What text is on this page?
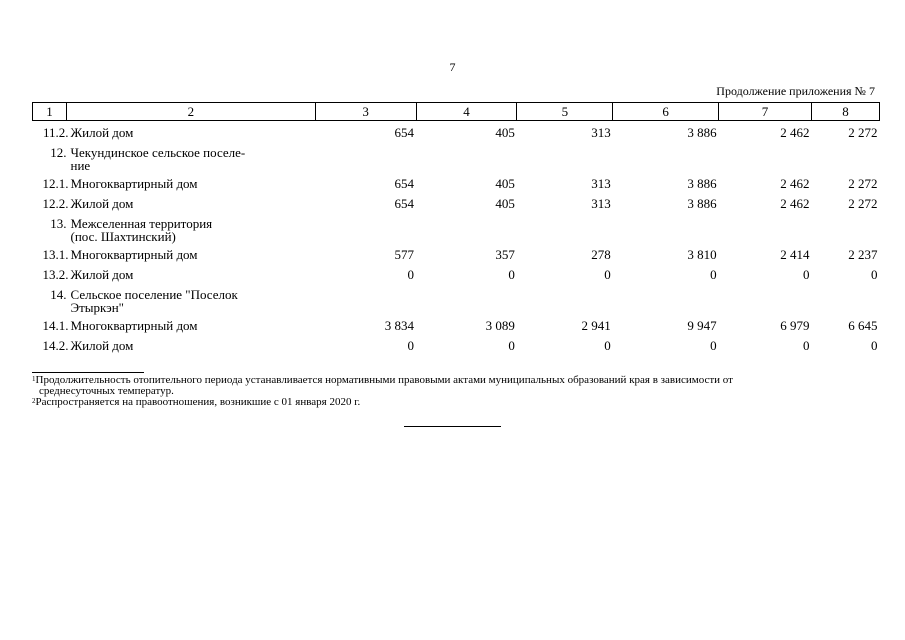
7
Продолжение приложения № 7
1	2	3	4	5	6	7	8
11.2. Жилой дом		654	405	313	3 886	2 462	2 272
12. Чекундинское сельское поселе-
ние							
12.1. Многоквартирный дом		654	405	313	3 886	2 462	2 272
12.2. Жилой дом		654	405	313	3 886	2 462	2 272
13. Межселенная территория
(пос. Шахтинский)							
13.1. Многоквартирный дом		577	357	278	3 810	2 414	2 237
13.2. Жилой дом		0	0	0	0	0	0
14. Сельское поселение "Поселок
Этыркэн"							
14.1. Многоквартирный дом		3 834	3 089	2 941	9 947	6 979	6 645
14.2. Жилой дом		0	0	0	0	0	0
$^1$Продолжительность отопительного периода устанавливается нормативными правовыми актами муниципальных образований края в зависимости от
среднесуточных температур.
$^2$Распространяется на правоотношения, возникшие с 01 января 2020 г.
